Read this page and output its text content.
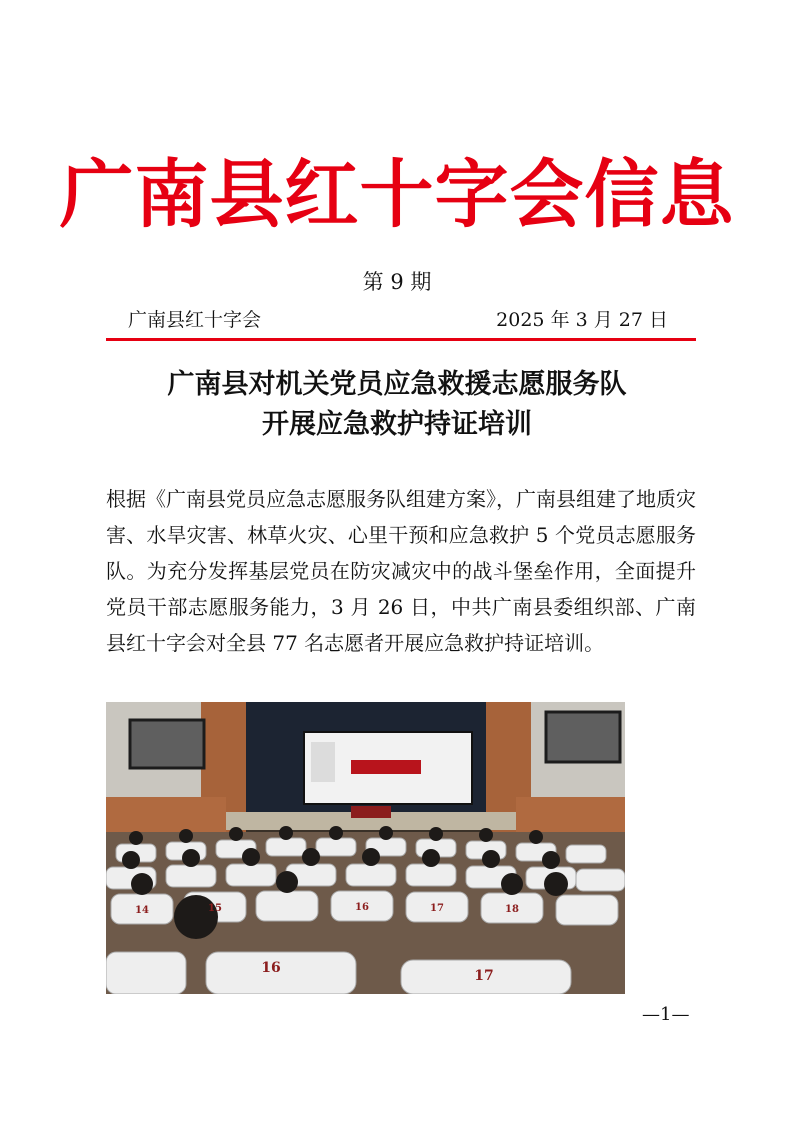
广南县红十字会信息
第 9 期
广南县红十字会	2025 年 3 月 27 日
广南县对机关党员应急救援志愿服务队
开展应急救护持证培训

根据《广南县党员应急志愿服务队组建方案》，广南县组建了地质灾害、水旱灾害、林草火灾、心里干预和应急救护 5 个党员志愿服务队。为充分发挥基层党员在防灾减灾中的战斗堡垒作用，全面提升党员干部志愿服务能力，3 月 26 日，中共广南县委组织部、广南县红十字会对全县 77 名志愿者开展应急救护持证培训。

14	15	16	17	18
16	17
—1—
